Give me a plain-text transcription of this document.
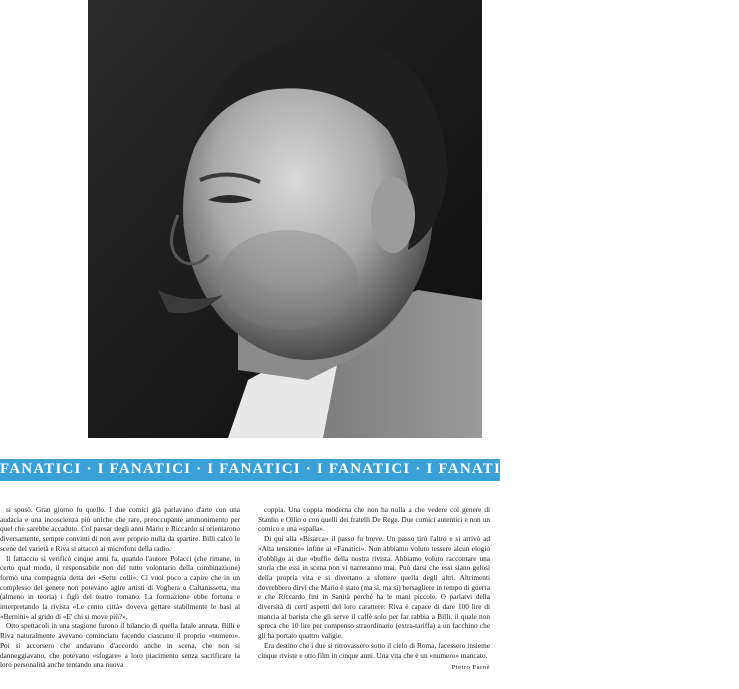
FANATICI · I FANATICI · I FANATICI · I FANATICI · I FANATICI · I FANATICI · I FANATICI

si sposò. Gran giorno fu quello. I due comici già parlavano d'arte con una audacia e una incoscienza più uniche che rare, preoccupante ammonimento per quel che sarebbe accaduto. Col paesar degli anni Mario e Riccardo si orientarono diversamente, sempre convinti di non aver proprio nulla da spartire. Billi calcò le scene del varietà e Riva si attaccò ai microfoni della radio.

Il fattaccio si verificò cinque anni fa, quando l'autore Polacci (che rimane, in certo qual modo, il responsabile non del tutto volontario della combinazione) formò una compagnia detta dei «Sette colli». Ci vuol poco a capire che in un complesso del genere non potevano agire artisti di Voghera o Caltanissetta, ma (almeno in teoria) i figli del teatro romano. La formazione ebbe fortuna e interpretando la rivista «Le cento città» doveva gettare stabilmente le basi al «Bernini» al grido di «E' chi si move più?».

Otto spettacoli in una stagione furono il bilancio di quella fatale annata. Billi e Riva naturalmente avevano cominciato facendo ciascuno il proprio «numero». Poi si accorsero che andavano d'accordo anche in scena, che non si danneggiavano, che potevano «sfogare» a loro piacimento senza sacrificare la loro personalità anche tentando una nuova

coppia. Una coppia moderna che non ha nulla a che vedere col genere di Stanlio e Ollio o con quelli dei fratelli De Rege. Due comici autentici e non un comico e una «spalla».

Di qui alla «Bisarca» il passo fu breve. Un passo tirò l'altro e si arrivò ad «Alta tensione» infine ai «Fanatici». Non abbiamo voluto tessere alcun elogio d'obbligo ai due «buffi» della nostra rivista. Abbiamo voluto raccontare una storia che essi in scena non vi narreranno mai. Può darsi che essi siano gelosi della propria vita e si divertano a sfottere quella degli altri. Altrimenti dovrebbero dirvi che Mario è stato (ma sì, ma sì) bersagliere in tempo di guerra e che Riccardo fini in Sanità perché ha le mani piccole. O parlarvi della diversità di certi aspetti del loro carattere: Riva è capace di dare 100 lire di mancia al barista che gli serve il caffè solo per far rabbia a Billi, il quale non spreca che 10 lire per compenso straordinario (extra-tariffa) a un facchino che gli ha portato quattro valigie.

Era destino che i due si ritrovassero sotto il cielo di Roma, facessero insieme cinque riviste e otto film in cinque anni. Una vita che è un «numero» mancato.

Pietro Farnè
